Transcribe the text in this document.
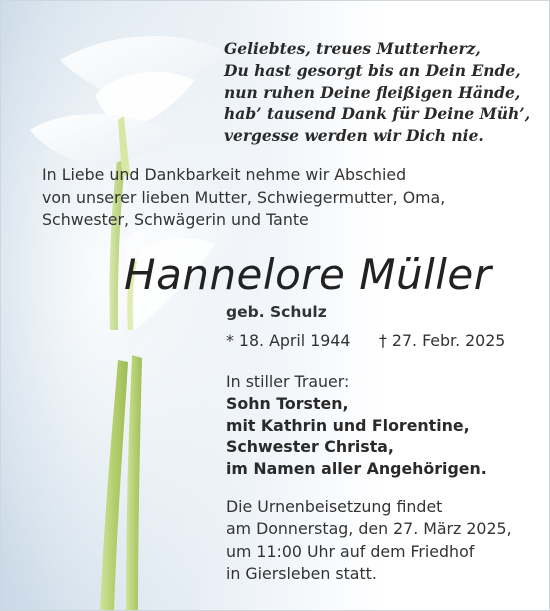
Geliebtes, treues Mutterherz,
Du hast gesorgt bis an Dein Ende,
nun ruhen Deine fleißigen Hände,
hab’ tausend Dank für Deine Müh’,
vergesse werden wir Dich nie.

In Liebe und Dankbarkeit nehme wir Abschied
von unserer lieben Mutter, Schwiegermutter, Oma,
Schwester, Schwägerin und Tante

Hannelore Müller

geb. Schulz

* 18. April 1944 † 27. Febr. 2025

In stiller Trauer:
Sohn Torsten,
mit Kathrin und Florentine,
Schwester Christa,
im Namen aller Angehörigen.

Die Urnenbeisetzung findet
am Donnerstag, den 27. März 2025,
um 11:00 Uhr auf dem Friedhof
in Giersleben statt.
